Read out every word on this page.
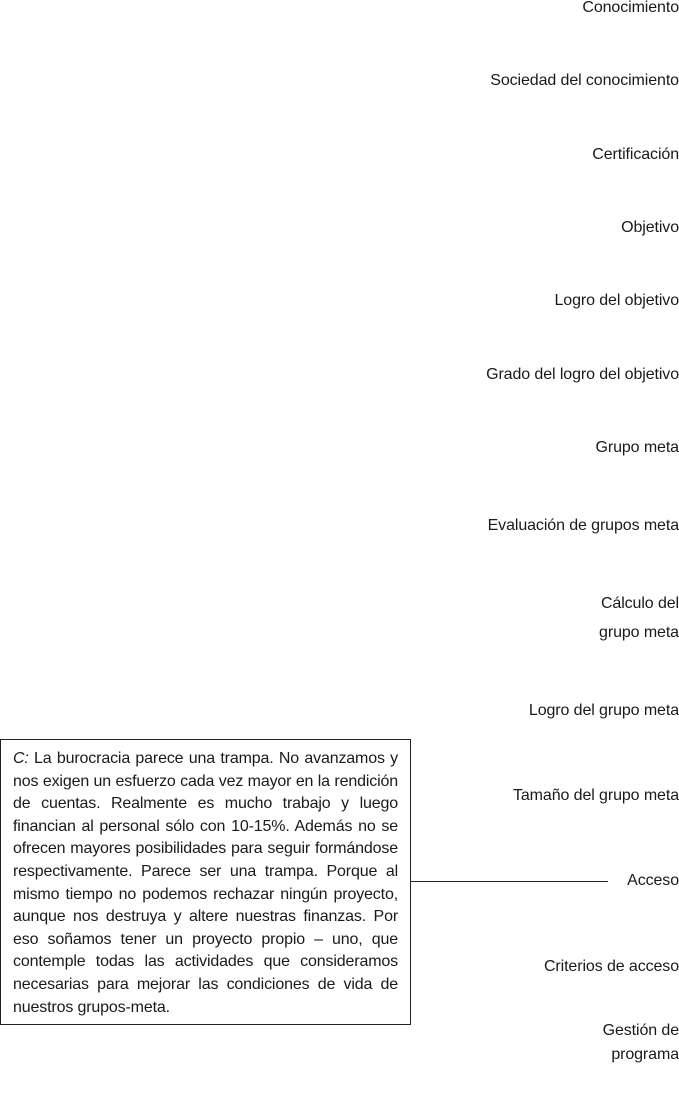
Conocimiento
Sociedad del conocimiento
Certificación
Objetivo
Logro del objetivo
Grado del logro del objetivo
Grupo meta
Evaluación de grupos meta
Cálculo del
grupo meta
Logro del grupo meta
Tamaño del grupo meta
Acceso
Criterios de acceso
Gestión de
programa
C: La burocracia parece una trampa. No avanzamos y nos exigen un esfuerzo cada vez mayor en la rendición de cuentas. Realmente es mucho trabajo y luego financian al personal sólo con 10-15%. Además no se ofrecen mayores posibilidades para seguir formándose respectivamente. Parece ser una trampa. Porque al mismo tiempo no podemos rechazar ningún proyecto, aunque nos destruya y altere nuestras finanzas. Por eso soñamos tener un proyecto propio – uno, que contemple todas las actividades que consideramos necesarias para mejorar las condiciones de vida de nuestros grupos-meta.
